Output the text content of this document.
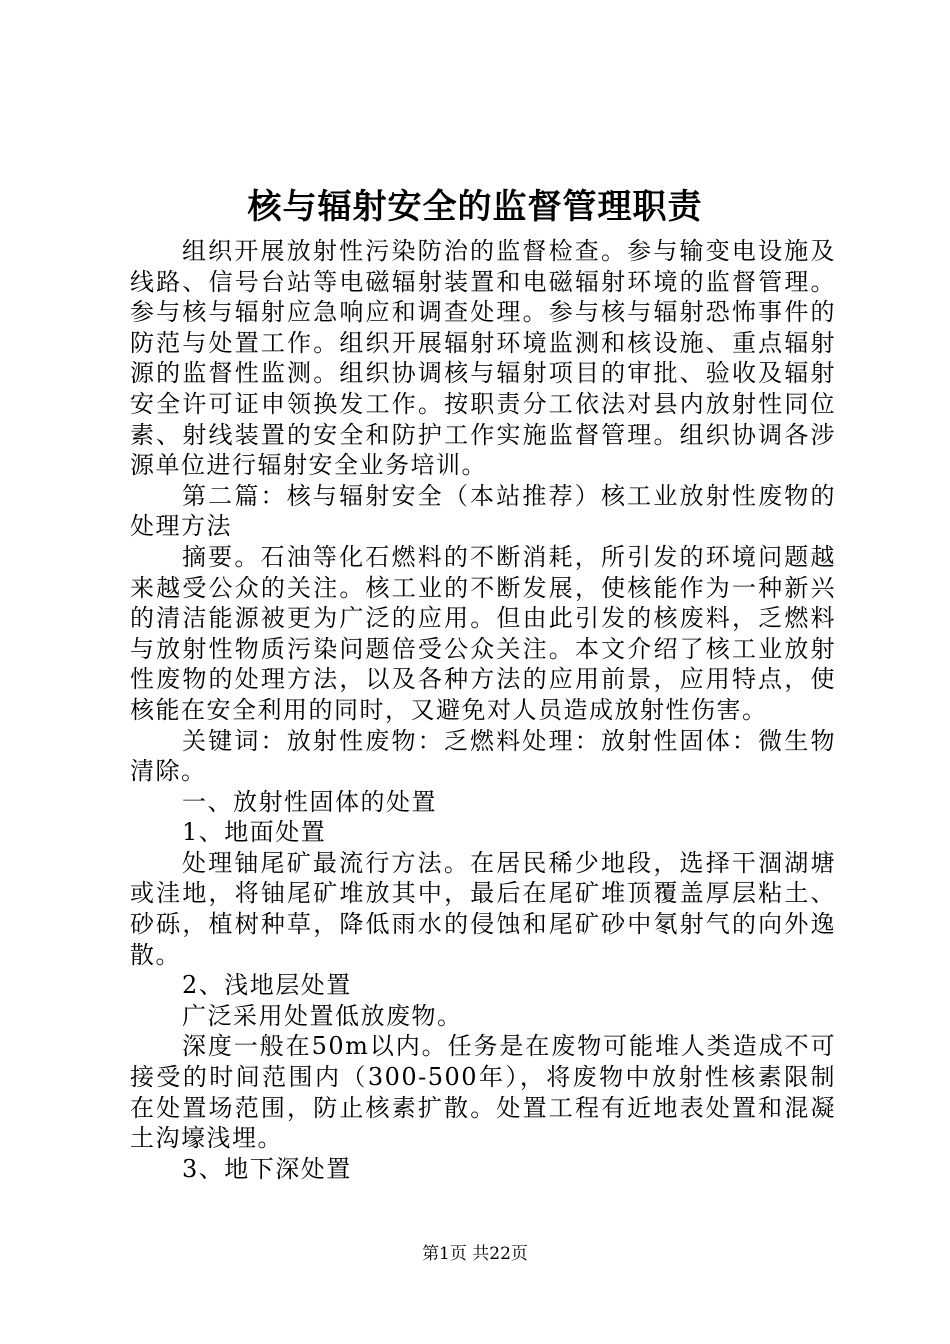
核与辐射安全的监督管理职责

组织开展放射性污染防治的监督检查。参与输变电设施及线路、信号台站等电磁辐射装置和电磁辐射环境的监督管理。参与核与辐射应急响应和调查处理。参与核与辐射恐怖事件的防范与处置工作。组织开展辐射环境监测和核设施、重点辐射源的监督性监测。组织协调核与辐射项目的审批、验收及辐射安全许可证申领换发工作。按职责分工依法对县内放射性同位素、射线装置的安全和防护工作实施监督管理。组织协调各涉源单位进行辐射安全业务培训。

第二篇：核与辐射安全（本站推荐）核工业放射性废物的处理方法

摘要。石油等化石燃料的不断消耗，所引发的环境问题越来越受公众的关注。核工业的不断发展，使核能作为一种新兴的清洁能源被更为广泛的应用。但由此引发的核废料，乏燃料与放射性物质污染问题倍受公众关注。本文介绍了核工业放射性废物的处理方法，以及各种方法的应用前景，应用特点，使核能在安全利用的同时，又避免对人员造成放射性伤害。

关键词：放射性废物：乏燃料处理：放射性固体：微生物清除。

一、放射性固体的处置

1、地面处置

处理铀尾矿最流行方法。在居民稀少地段，选择干涸湖塘或洼地，将铀尾矿堆放其中，最后在尾矿堆顶覆盖厚层粘土、砂砾，植树种草，降低雨水的侵蚀和尾矿砂中氡射气的向外逸散。

2、浅地层处置

广泛采用处置低放废物。

深度一般在50m以内。任务是在废物可能堆人类造成不可接受的时间范围内（300-500年），将废物中放射性核素限制在处置场范围，防止核素扩散。处置工程有近地表处置和混凝土沟壕浅埋。

3、地下深处置

第1页 共22页
